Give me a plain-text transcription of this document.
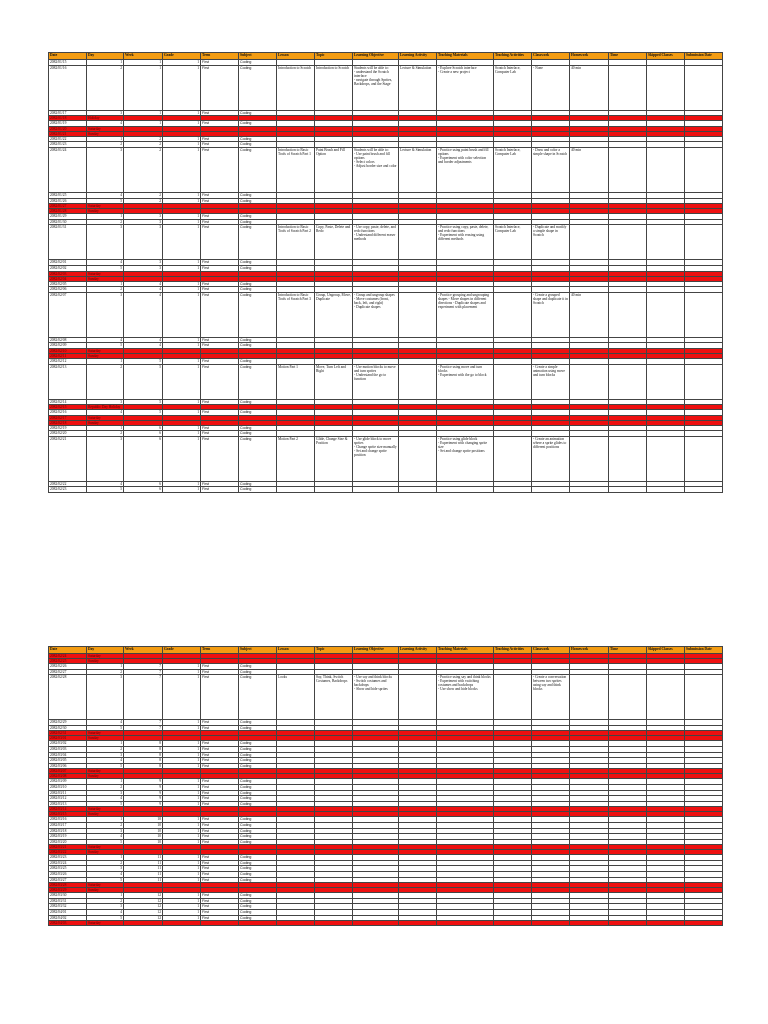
Date	Day	Week	Grade	Term	Subject	Lesson	Topic	Learning Objective	Learning Activity	Teaching Materials	Teaching Activities	Classwork	Homework	Time	Skipped Classes	Submission Date
2082/01/15	1	1	1	First	Coding											
2082/01/16	2	1	1	First	Coding	Introduction to Scratch	Introduction to Scratch	Students will be able to:
- understand the Scratch interface
- navigate through Sprites, Backdrops, and the Stage	Lecture & Simulation	- Explore Scratch interface
- Create a new project	Scratch Interface, Computer Lab	- None	40 min			
2082/01/17	3	1	1	First	Coding											
2082/01/18	Holiday															
2082/01/19	4	1	1	First	Coding											
2082/01/20	Saturday															
2082/01/21	Sunday															
2082/01/22	1	2	1	First	Coding											
2082/01/23	2	2	1	First	Coding											
2082/01/24	3	2	1	First	Coding	Introduction to Basic Tools of Scratch Part 1	Paint Brush and Fill Option	Students will be able to:
- Use paint brush and fill options
- Select colors
- Adjust border size and color	Lecture & Simulation	- Practice using paint brush and fill options
- Experiment with color selection and border adjustments	Scratch Interface, Computer Lab	- Draw and color a simple shape in Scratch	40 min			
2082/01/25	4	2	1	First	Coding											
2082/01/26	5	2	1	First	Coding											
2082/01/27	Saturday															
2082/01/28	Sunday															
2082/01/29	1	3	1	First	Coding											
2082/01/30	2	3	1	First	Coding											
2082/01/31	3	3	1	First	Coding	Introduction to Basic Tools of Scratch Part 2	Copy, Paste, Delete and Redo	- Use copy, paste, delete, and redo functions
- Understand different eraser methods		- Practice using copy, paste, delete, and redo functions
- Experiment with erasing using different methods	Scratch Interface, Computer Lab	- Duplicate and modify a simple shape in Scratch				
2082/02/01	4	3	1	First	Coding											
2082/02/02	5	3	1	First	Coding											
2082/02/03	Saturday															
2082/02/04	Sunday															
2082/02/05	1	4	1	First	Coding											
2082/02/06	2	4	1	First	Coding											
2082/02/07	3	4	1	First	Coding	Introduction to Basic Tools of Scratch Part 3	Group, Ungroup, Move, Duplicate	- Group and ungroup shapes
- Move costumes (front, back, left, and right)
- Duplicate shapes		- Practice grouping and ungrouping shapes - Move shapes in different directions - Duplicate shapes and experiment with placement		- Create a grouped shape and duplicate it in Scratch	40 min			
2082/02/08	4	4	1	First	Coding											
2082/02/09	5	4	1	First	Coding											
2082/02/10	Saturday															
2082/02/11	Sunday															
2082/02/12	1	5	1	First	Coding											
2082/02/13	2	5	1	First	Coding	Motion Part 1	Move, Turn Left and Right	- Use motion blocks to move and turn sprites
- Understand the go to function		- Practice using move and turn blocks
- Experiment with the go to block		- Create a simple animation using move and turn blocks				
2082/02/14	3	5	1	First	Coding											
2082/02/15	Republic Day Holiday															
2082/02/16	4	5	1	First	Coding											
2082/02/17	Saturday															
2082/02/18	Sunday															
2082/02/19	1	6	1	First	Coding											
2082/02/20	2	6	1	First	Coding											
2082/02/21	3	6	1	First	Coding	Motion Part 2	Glide, Change Size & Position	- Use glide block to move sprites
- Change sprite size manually
- Set and change sprite position		- Practice using glide block
- Experiment with changing sprite size
- Set and change sprite positions		- Create an animation where a sprite glides to different positions				
2082/02/22	4	6	1	First	Coding											
2082/02/23	5	6	1	First	Coding											
Date	Day	Week	Grade	Term	Subject	Lesson	Topic	Learning Objective	Learning Activity	Teaching Materials	Teaching Activities	Classwork	Homework	Time	Skipped Classes	Submission Date
2082/02/24	Saturday															
2082/02/25	Sunday															
2082/02/26	1	7	1	First	Coding											
2082/02/27	2	7	1	First	Coding											
2082/02/28	3	7	1	First	Coding	Looks	Say, Think, Switch Costumes, Backdrops	- Use say and think blocks
- Switch costumes and backdrops
- Show and hide sprites		- Practice using say and think blocks
- Experiment with switching costumes and backdrops
- Use show and hide blocks		- Create a conversation between two sprites using say and think blocks				
2082/02/29	4	7	1	First	Coding											
2082/02/30	5	7	1	First	Coding											
2082/02/31	Saturday															
2082/03/01	Sunday															
2082/03/02	1	8	1	First	Coding											
2082/03/03	2	8	1	First	Coding											
2082/03/04	3	8	1	First	Coding											
2082/03/05	4	8	1	First	Coding											
2082/03/06	5	8	1	First	Coding											
2082/03/07	Saturday															
2082/03/08	Sunday															
2082/03/09	1	9	1	First	Coding											
2082/03/10	2	9	1	First	Coding											
2082/03/11	3	9	1	First	Coding											
2082/03/12	4	9	1	First	Coding											
2082/03/13	5	9	1	First	Coding											
2082/03/14	Saturday															
2082/03/15	Sunday															
2082/03/16	1	10	1	First	Coding											
2082/03/17	2	10	1	First	Coding											
2082/03/18	3	10	1	First	Coding											
2082/03/19	4	10	1	First	Coding											
2082/03/20	5	10	1	First	Coding											
2082/03/21	Saturday															
2082/03/22	Sunday															
2082/03/23	1	11	1	First	Coding											
2082/03/24	2	11	1	First	Coding											
2082/03/25	3	11	1	First	Coding											
2082/03/26	4	11	1	First	Coding											
2082/03/27	5	11	1	First	Coding											
2082/03/28	Saturday															
2082/03/29	Sunday															
2082/03/30	1	12	1	First	Coding											
2082/03/31	2	12	1	First	Coding											
2082/03/32	3	12	1	First	Coding											
2082/04/01	4	12	1	First	Coding											
2082/04/02	5	12	1	First	Coding											
2082/04/03	Saturday															
